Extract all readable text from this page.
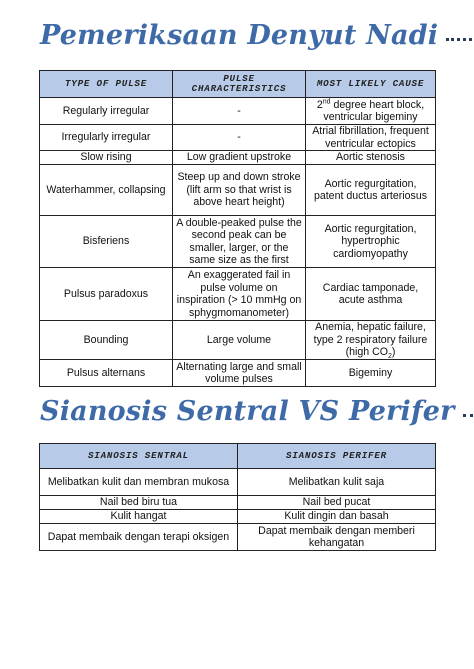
Pemeriksaan Denyut Nadi
TYPE OF PULSE	PULSE CHARACTERISTICS	MOST LIKELY CAUSE
Regularly irregular	-	2nd degree heart block, ventricular bigeminy
Irregularly irregular	-	Atrial fibrillation, frequent ventricular ectopics
Slow rising	Low gradient upstroke	Aortic stenosis
Waterhammer, collapsing	Steep up and down stroke (lift arm so that wrist is above heart height)	Aortic regurgitation, patent ductus arteriosus
Bisferiens	A double-peaked pulse the second peak can be smaller, larger, or the same size as the first	Aortic regurgitation, hypertrophic cardiomyopathy
Pulsus paradoxus	An exaggerated fail in pulse volume on inspiration (> 10 mmHg on sphygmomanometer)	Cardiac tamponade, acute asthma
Bounding	Large volume	Anemia, hepatic failure, type 2 respiratory failure (high $CO_2$)
Pulsus alternans	Alternating large and small volume pulses	Bigeminy
Sianosis Sentral VS Perifer
SIANOSIS SENTRAL	SIANOSIS PERIFER
Melibatkan kulit dan membran mukosa	Melibatkan kulit saja
Nail bed biru tua	Nail bed pucat
Kulit hangat	Kulit dingin dan basah
Dapat membaik dengan terapi oksigen	Dapat membaik dengan memberi kehangatan
